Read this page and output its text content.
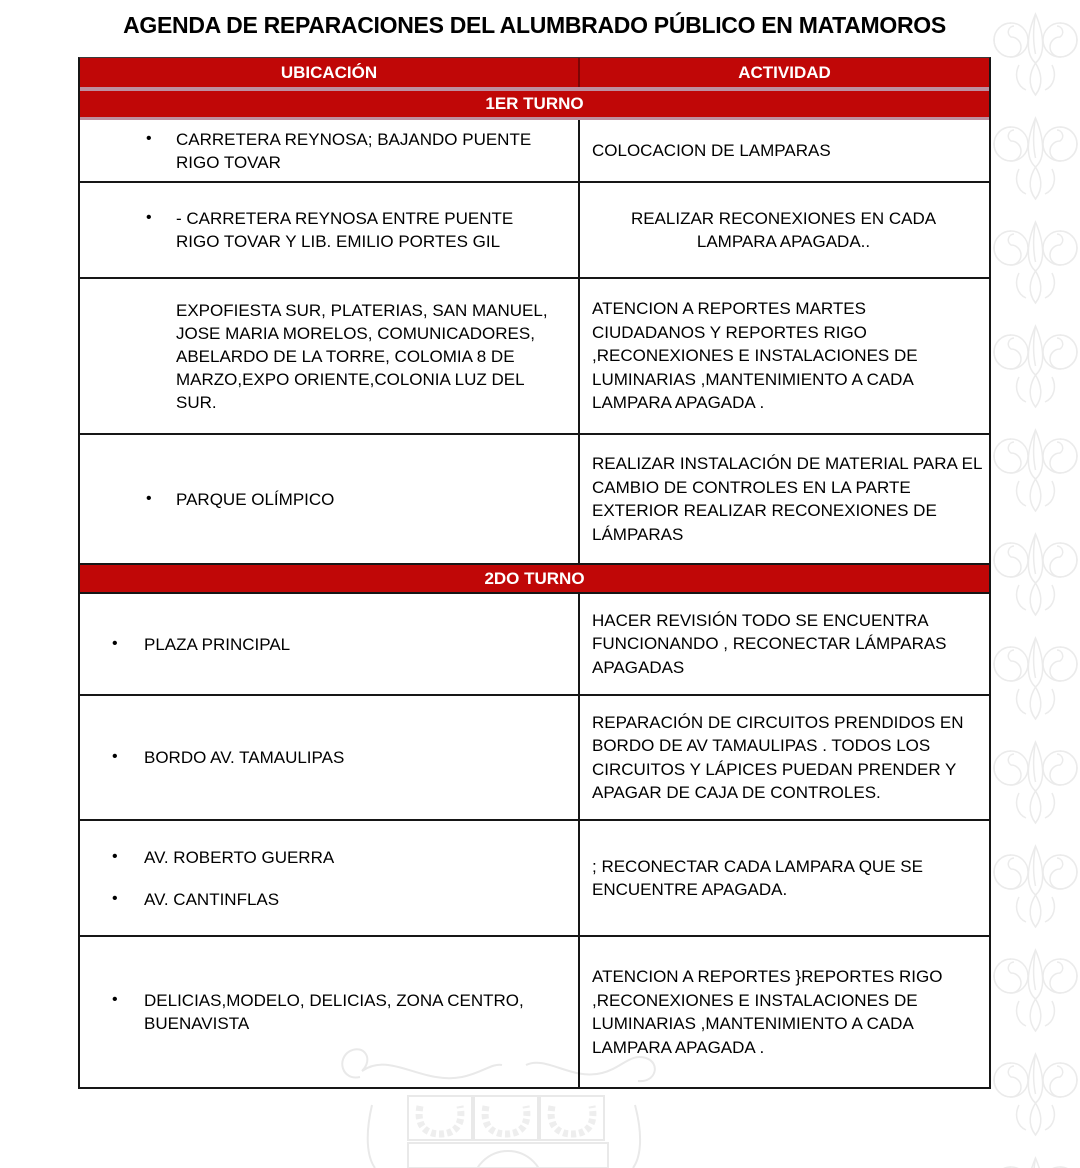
AGENDA DE REPARACIONES DEL ALUMBRADO PÚBLICO EN MATAMOROS
UBICACIÓN	ACTIVIDAD
1ER TURNO
• CARRETERA REYNOSA; BAJANDO PUENTE RIGO TOVAR
COLOCACION DE LAMPARAS
• - CARRETERA REYNOSA ENTRE PUENTE RIGO TOVAR Y LIB. EMILIO PORTES GIL
REALIZAR RECONEXIONES EN CADA LAMPARA APAGADA..
EXPOFIESTA SUR, PLATERIAS, SAN MANUEL, JOSE MARIA MORELOS, COMUNICADORES, ABELARDO DE LA TORRE, COLOMIA 8 DE MARZO,EXPO ORIENTE,COLONIA LUZ DEL SUR.
ATENCION A REPORTES MARTES CIUDADANOS Y REPORTES RIGO ,RECONEXIONES E INSTALACIONES DE LUMINARIAS ,MANTENIMIENTO A CADA LAMPARA APAGADA .
• PARQUE OLÍMPICO
REALIZAR INSTALACIÓN DE MATERIAL PARA EL CAMBIO DE CONTROLES EN LA PARTE EXTERIOR REALIZAR RECONEXIONES DE LÁMPARAS
2DO TURNO
• PLAZA PRINCIPAL
HACER REVISIÓN TODO SE ENCUENTRA FUNCIONANDO , RECONECTAR LÁMPARAS APAGADAS
• BORDO AV. TAMAULIPAS
REPARACIÓN DE CIRCUITOS PRENDIDOS EN BORDO DE AV TAMAULIPAS . TODOS LOS CIRCUITOS Y LÁPICES PUEDAN PRENDER Y APAGAR DE CAJA DE CONTROLES.
• AV. ROBERTO GUERRA
• AV. CANTINFLAS
; RECONECTAR CADA LAMPARA QUE SE ENCUENTRE APAGADA.
• DELICIAS,MODELO, DELICIAS, ZONA CENTRO, BUENAVISTA
ATENCION A REPORTES }REPORTES RIGO ,RECONEXIONES E INSTALACIONES DE LUMINARIAS ,MANTENIMIENTO A CADA LAMPARA APAGADA .
